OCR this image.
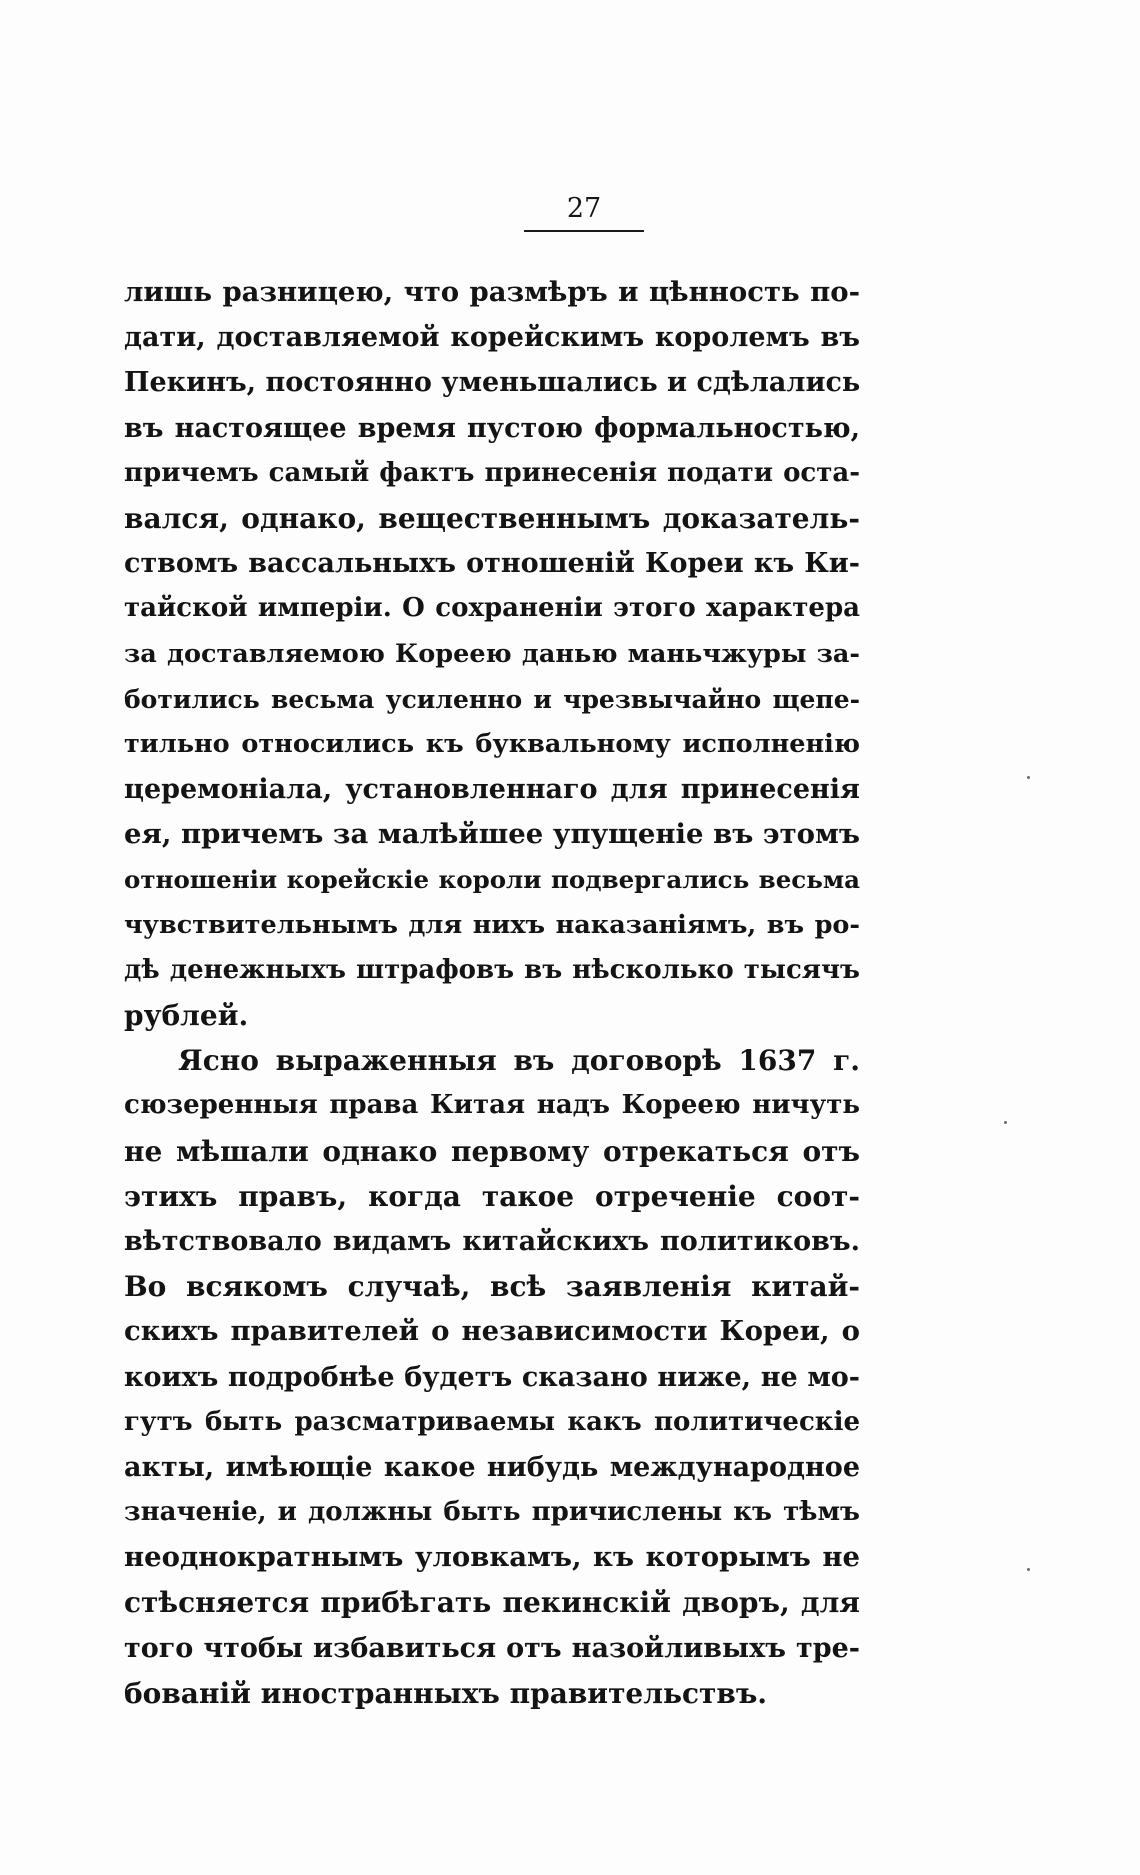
27
лишь разницею, что размѣръ и цѣнность по-
дати, доставляемой корейскимъ королемъ въ
Пекинъ, постоянно уменьшались и сдѣлались
въ настоящее время пустою формальностью,
причемъ самый фактъ принесенія подати оста-
вался, однако, вещественнымъ доказатель-
ствомъ вассальныхъ отношеній Кореи къ Ки-
тайской имперіи. О сохраненіи этого характера
за доставляемою Кореею данью маньчжуры за-
ботились весьма усиленно и чрезвычайно щепе-
тильно относились къ буквальному исполненію
церемоніала, установленнаго для принесенія
ея, причемъ за малѣйшее упущеніе въ этомъ
отношеніи корейскіе короли подвергались весьма
чувствительнымъ для нихъ наказаніямъ, въ ро-
дѣ денежныхъ штрафовъ въ нѣсколько тысячъ
рублей.
Ясно выраженныя въ договорѣ 1637 г.
сюзеренныя права Китая надъ Кореею ничуть
не мѣшали однако первому отрекаться отъ
этихъ правъ, когда такое отреченіе соот-
вѣтствовало видамъ китайскихъ политиковъ.
Во всякомъ случаѣ, всѣ заявленія китай-
скихъ правителей о независимости Кореи, о
коихъ подробнѣе будетъ сказано ниже, не мо-
гутъ быть разсматриваемы какъ политическіе
акты, имѣющіе какое нибудь международное
значеніе, и должны быть причислены къ тѣмъ
неоднократнымъ уловкамъ, къ которымъ не
стѣсняется прибѣгать пекинскій дворъ, для
того чтобы избавиться отъ назойливыхъ тре-
бованій иностранныхъ правительствъ.
